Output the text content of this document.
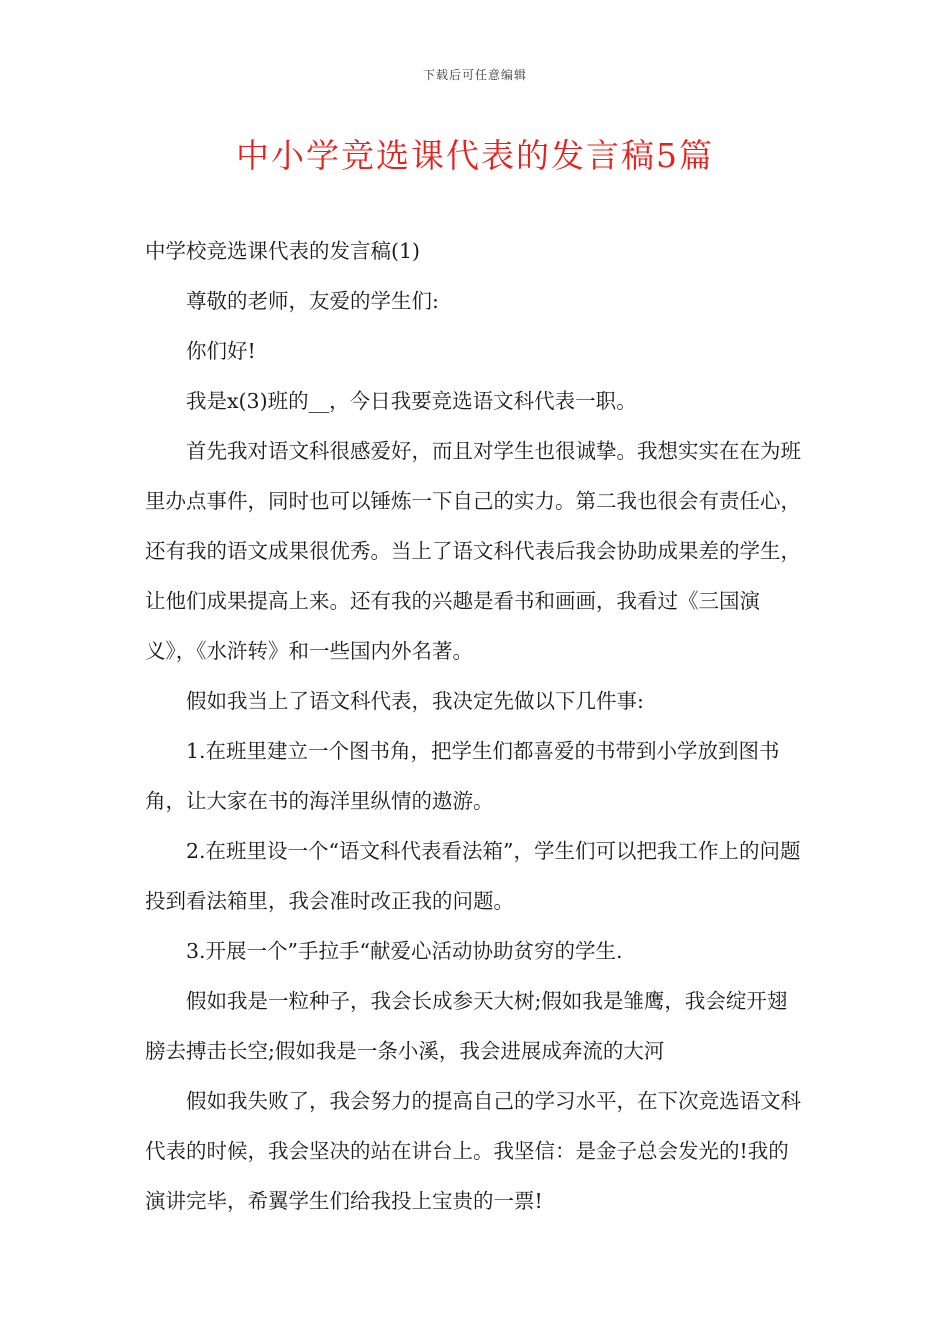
下载后可任意编辑
中小学竞选课代表的发言稿5篇

中学校竞选课代表的发言稿(1)

尊敬的老师，友爱的学生们:

你们好!

我是x(3)班的__，今日我要竞选语文科代表一职。

首先我对语文科很感爱好，而且对学生也很诚挚。我想实实在在为班里办点事件，同时也可以锤炼一下自己的实力。第二我也很会有责任心，还有我的语文成果很优秀。当上了语文科代表后我会协助成果差的学生，让他们成果提高上来。还有我的兴趣是看书和画画，我看过《三国演义》，《水浒转》和一些国内外名著。

假如我当上了语文科代表，我决定先做以下几件事:

1.在班里建立一个图书角，把学生们都喜爱的书带到小学放到图书角，让大家在书的海洋里纵情的遨游。

2.在班里设一个“语文科代表看法箱”，学生们可以把我工作上的问题投到看法箱里，我会准时改正我的问题。

3.开展一个”手拉手“献爱心活动协助贫穷的学生.

假如我是一粒种子，我会长成参天大树;假如我是雏鹰，我会绽开翅膀去搏击长空;假如我是一条小溪，我会进展成奔流的大河

假如我失败了，我会努力的提高自己的学习水平，在下次竞选语文科代表的时候，我会坚决的站在讲台上。我坚信：是金子总会发光的!我的演讲完毕，希翼学生们给我投上宝贵的一票!
